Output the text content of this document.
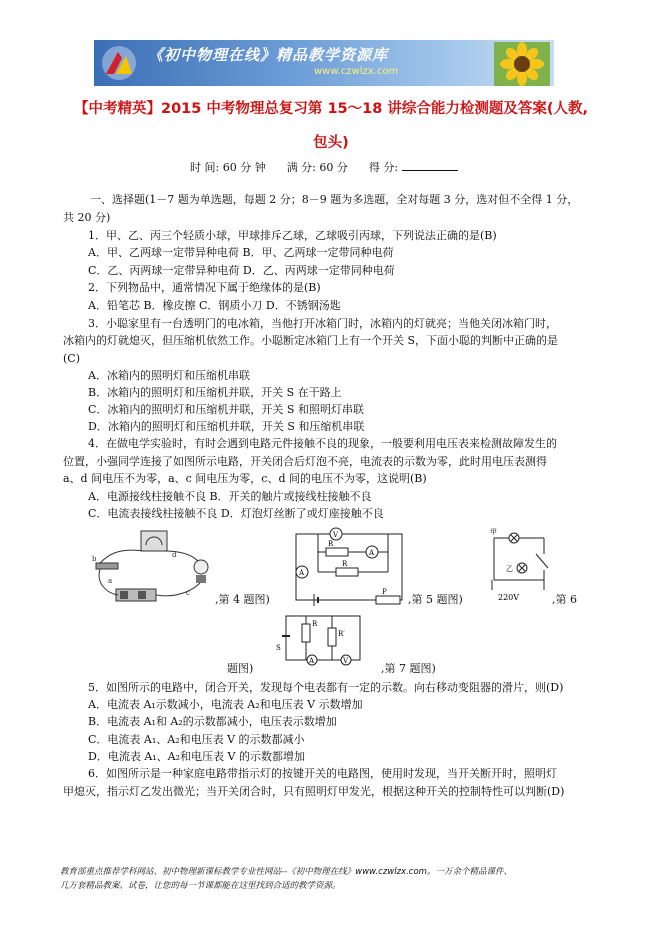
《初中物理在线》精品教学资源库
www.czwlzx.com
【中考精英】2015 中考物理总复习第 15～18 讲综合能力检测题及答案(人教,
包头)
时 间: 60 分 钟 满 分: 60 分 得 分:
一、选择题(1－7 题为单选题，每题 2 分；8－9 题为多选题，全对每题 3 分，选对但不全得 1 分，
共 20 分)
1．甲、乙、丙三个轻质小球，甲球排斥乙球，乙球吸引丙球，下列说法正确的是(B)
A．甲、乙两球一定带异种电荷 B．甲、乙两球一定带同种电荷
C．乙、丙两球一定带异种电荷 D．乙、丙两球一定带同种电荷
2．下列物品中，通常情况下属于绝缘体的是(B)
A．铅笔芯 B．橡皮擦 C．钢质小刀 D．不锈钢汤匙
3．小聪家里有一台透明门的电冰箱，当他打开冰箱门时，冰箱内的灯就亮；当他关闭冰箱门时，
冰箱内的灯就熄灭，但压缩机依然工作。小聪断定冰箱门上有一个开关 S，下面小聪的判断中正确的是
(C)
A．冰箱内的照明灯和压缩机串联
B．冰箱内的照明灯和压缩机并联，开关 S 在干路上
C．冰箱内的照明灯和压缩机并联，开关 S 和照明灯串联
D．冰箱内的照明灯和压缩机并联，开关 S 和压缩机串联
4．在做电学实验时，有时会遇到电路元件接触不良的现象，一般要利用电压表来检测故障发生的
位置，小强同学连接了如图所示电路，开关闭合后灯泡不亮，电流表的示数为零，此时用电压表测得
a、d 间电压不为零，a、c 间电压为零，c、d 间的电压不为零，这说明(B)
A．电源接线柱接触不良 B．开关的触片或接线柱接触不良
C．电流表接线柱接触不良 D．灯泡灯丝断了或灯座接触不良
b
a
c
d
,第 4 题图)
V
R
A
R
A
P
,第 5 题图)
甲
乙
220V	,第 6
R
R′
A	V
S
题图)	,第 7 题图)
5．如图所示的电路中，闭合开关，发现每个电表都有一定的示数。向右移动变阻器的滑片，则(D)
A．电流表 A₁示数减小，电流表 A₂和电压表 V 示数增加
B．电流表 A₁和 A₂的示数都减小，电压表示数增加
C．电流表 A₁、A₂和电压表 V 的示数都减小
D．电流表 A₁、A₂和电压表 V 的示数都增加
6．如图所示是一种家庭电路带指示灯的按键开关的电路图，使用时发现，当开关断开时，照明灯
甲熄灭，指示灯乙发出微光；当开关闭合时，只有照明灯甲发光，根据这种开关的控制特性可以判断(D)
教育部重点推荐学科网站、初中物理新课标教学专业性网站--《初中物理在线》www.czwlzx.com。一万余个精品课件、
几万套精品教案、试卷，让您的每一节课都能在这里找到合适的教学资源。
